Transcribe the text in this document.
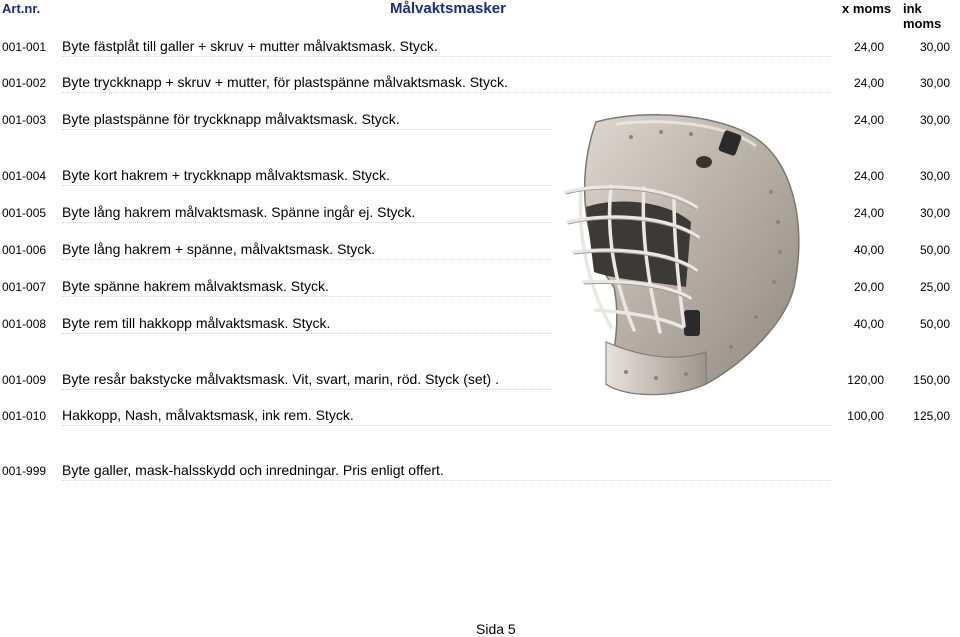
Art.nr.	Målvaktsmasker	x moms ink moms
001-001 Byte fästplåt till galler + skruv + mutter målvaktsmask. Styck.	24,00	30,00
001-002 Byte tryckknapp + skruv + mutter, för plastspänne målvaktsmask. Styck.	24,00	30,00
001-003 Byte plastspänne för tryckknapp målvaktsmask. Styck.	24,00	30,00
001-004 Byte kort hakrem + tryckknapp målvaktsmask. Styck.	24,00	30,00
001-005 Byte lång hakrem målvaktsmask. Spänne ingår ej. Styck.	24,00	30,00
001-006 Byte lång hakrem + spänne, målvaktsmask. Styck.	40,00	50,00
001-007 Byte spänne hakrem målvaktsmask. Styck.	20,00	25,00
001-008 Byte rem till hakkopp målvaktsmask. Styck.	40,00	50,00
001-009 Byte resår bakstycke målvaktsmask. Vit, svart, marin, röd. Styck (set) .	120,00 150,00
001-010 Hakkopp, Nash, målvaktsmask, ink rem. Styck.	100,00 125,00
001-999 Byte galler, mask-halsskydd och inredningar. Pris enligt offert.
Sida 5
